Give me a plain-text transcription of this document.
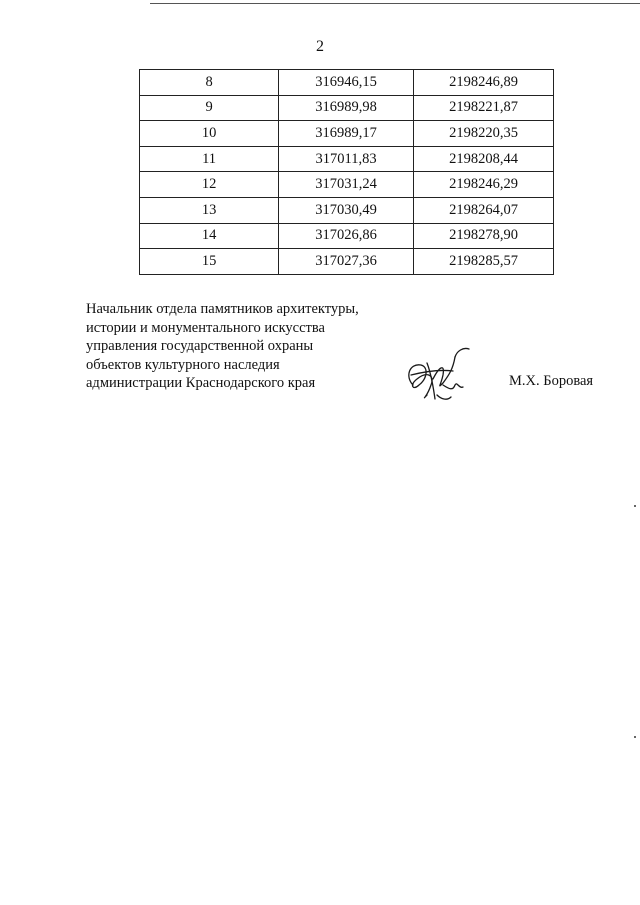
2
8	316946,15	2198246,89
9	316989,98	2198221,87
10	316989,17	2198220,35
11	317011,83	2198208,44
12	317031,24	2198246,29
13	317030,49	2198264,07
14	317026,86	2198278,90
15	317027,36	2198285,57
Начальник отдела памятников архитектуры,
истории и монументального искусства
управления государственной охраны
объектов культурного наследия
администрации Краснодарского края	М.Х. Боровая
